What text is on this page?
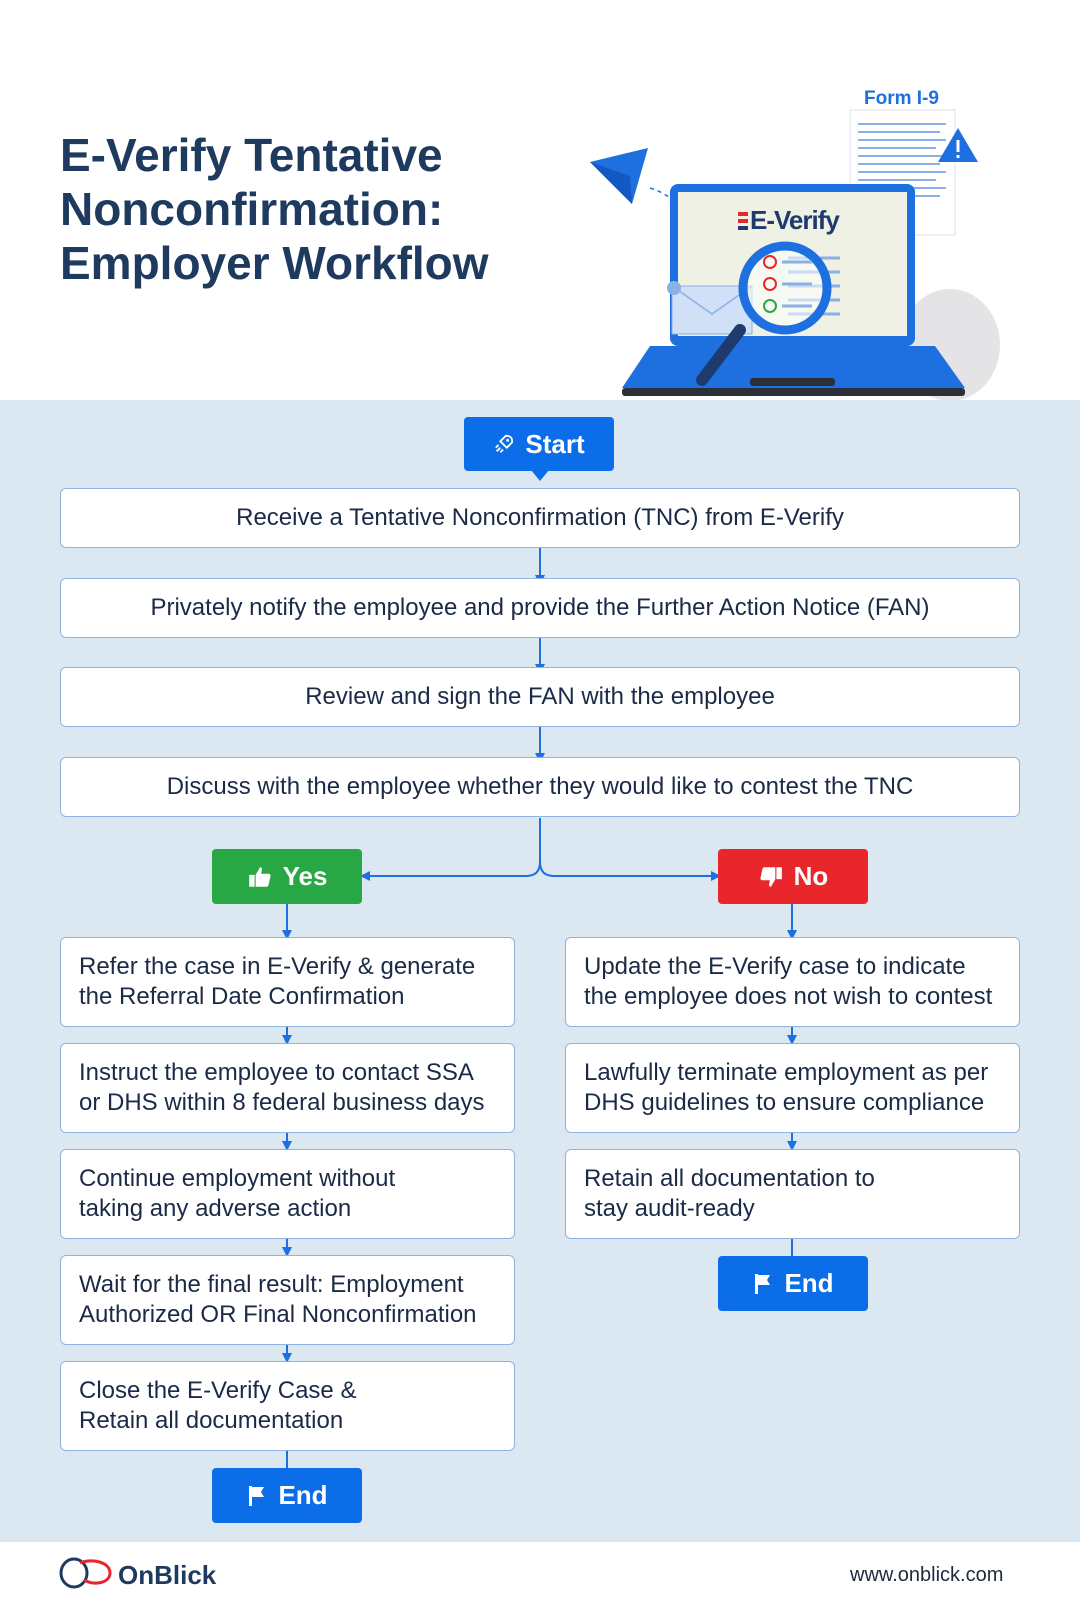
E-Verify Tentative
Nonconfirmation:
Employer Workflow
Form I-9
E-Verify
Start
Receive a Tentative Nonconfirmation (TNC) from E-Verify
Privately notify the employee and provide the Further Action Notice (FAN)
Review and sign the FAN with the employee
Discuss with the employee whether they would like to contest the TNC
Yes	No
Refer the case in E-Verify & generate
the Referral Date Confirmation
Instruct the employee to contact SSA
or DHS within 8 federal business days
Continue employment without
taking any adverse action
Wait for the final result: Employment
Authorized OR Final Nonconfirmation
Close the E-Verify Case &
Retain all documentation
End
Update the E-Verify case to indicate
the employee does not wish to contest
Lawfully terminate employment as per
DHS guidelines to ensure compliance
Retain all documentation to
stay audit-ready
End
OnBlick	www.onblick.com
